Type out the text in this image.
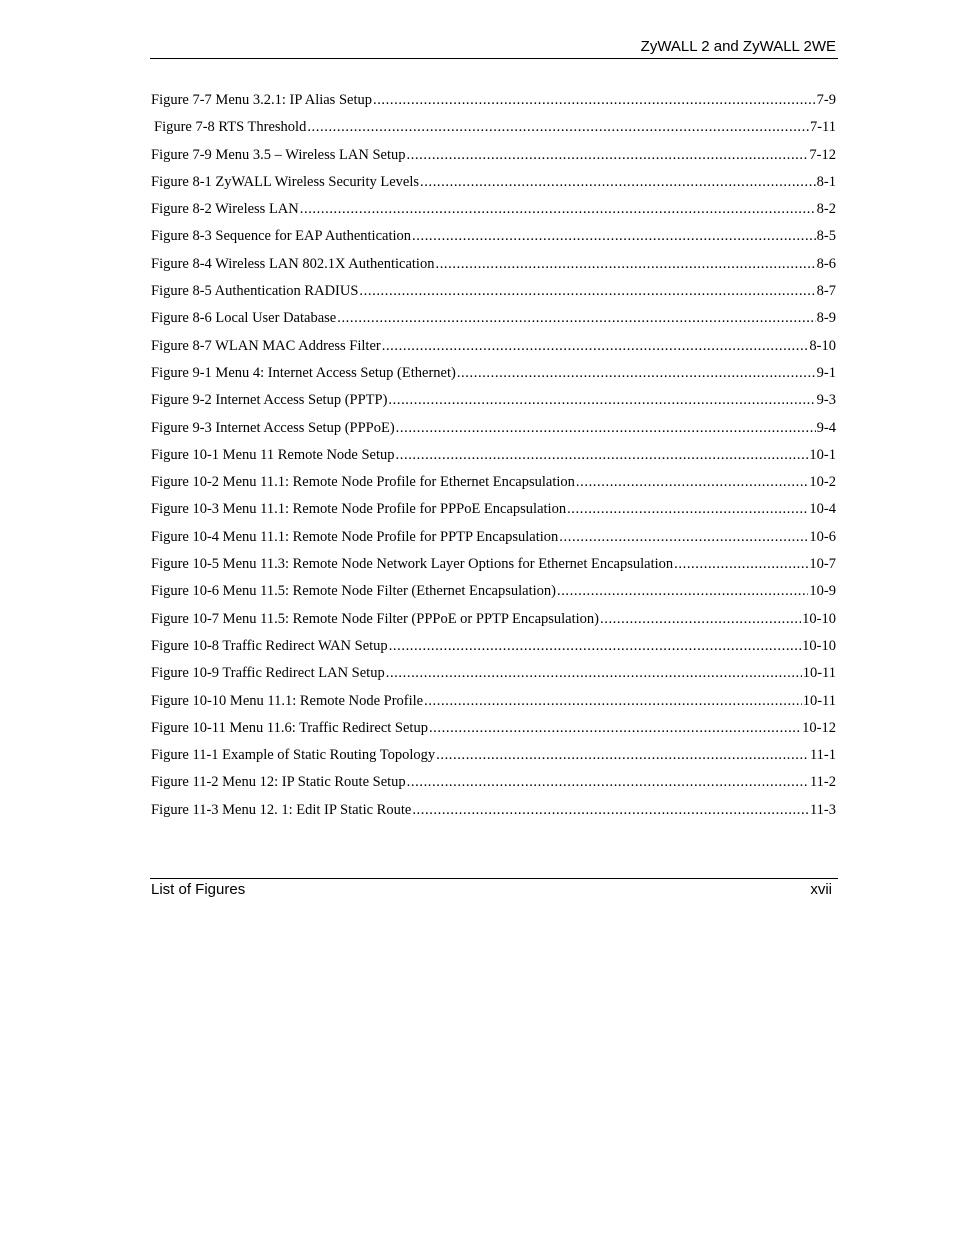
ZyWALL 2 and ZyWALL 2WE
Figure 7-7 Menu 3.2.1: IP Alias Setup .....	7-9
Figure 7-8 RTS Threshold .....	7-11
Figure 7-9 Menu 3.5 – Wireless LAN Setup .....	7-12
Figure 8-1 ZyWALL Wireless Security Levels .....	8-1
Figure 8-2 Wireless LAN .....	8-2
Figure 8-3 Sequence for EAP Authentication .....	8-5
Figure 8-4 Wireless LAN 802.1X Authentication .....	8-6
Figure 8-5 Authentication RADIUS .....	8-7
Figure 8-6 Local User Database .....	8-9
Figure 8-7 WLAN MAC Address Filter .....	8-10
Figure 9-1 Menu 4: Internet Access Setup (Ethernet) .....	9-1
Figure 9-2 Internet Access Setup (PPTP) .....	9-3
Figure 9-3 Internet Access Setup (PPPoE) .....	9-4
Figure 10-1 Menu 11 Remote Node Setup .....	10-1
Figure 10-2 Menu 11.1: Remote Node Profile for Ethernet Encapsulation .....	10-2
Figure 10-3 Menu 11.1: Remote Node Profile for PPPoE Encapsulation .....	10-4
Figure 10-4 Menu 11.1: Remote Node Profile for PPTP Encapsulation .....	10-6
Figure 10-5 Menu 11.3: Remote Node Network Layer Options for Ethernet Encapsulation .....	10-7
Figure 10-6 Menu 11.5: Remote Node Filter (Ethernet Encapsulation) .....	10-9
Figure 10-7 Menu 11.5: Remote Node Filter (PPPoE or PPTP Encapsulation) .....	10-10
Figure 10-8 Traffic Redirect WAN Setup .....	10-10
Figure 10-9 Traffic Redirect LAN Setup .....	10-11
Figure 10-10 Menu 11.1: Remote Node Profile .....	10-11
Figure 10-11 Menu 11.6: Traffic Redirect Setup .....	10-12
Figure 11-1 Example of Static Routing Topology .....	11-1
Figure 11-2 Menu 12: IP Static Route Setup .....	11-2
Figure 11-3 Menu 12. 1: Edit IP Static Route .....	11-3
List of Figures	xvii
